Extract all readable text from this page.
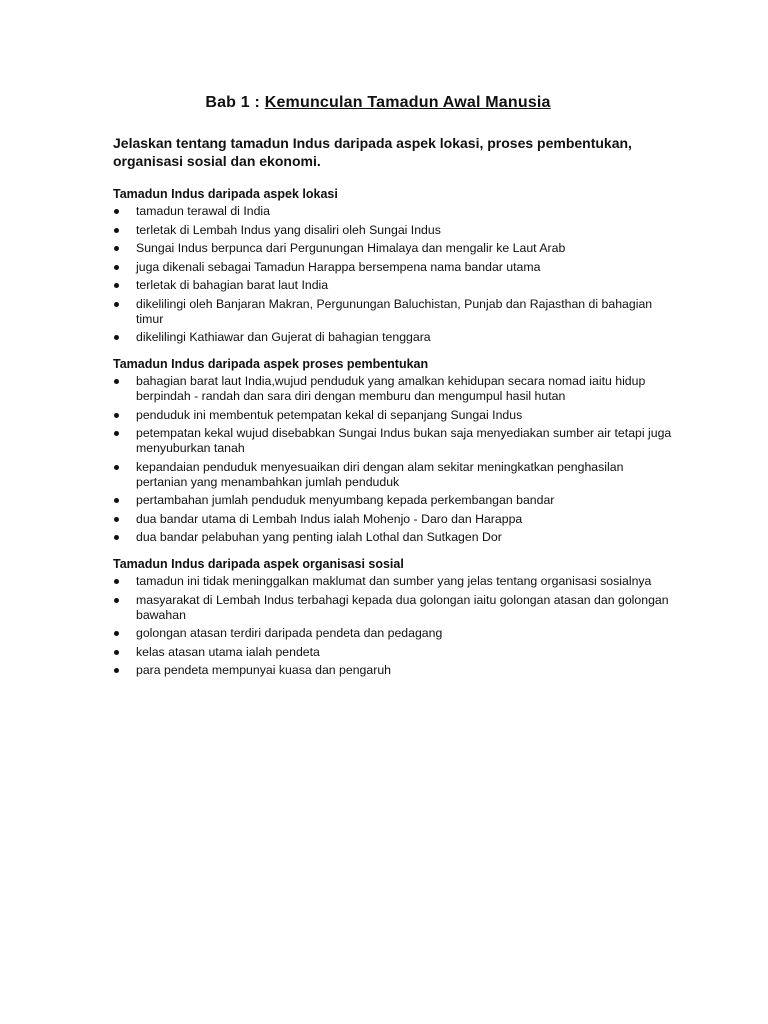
Bab 1 : Kemunculan Tamadun Awal Manusia
Jelaskan tentang tamadun Indus daripada aspek lokasi, proses pembentukan, organisasi sosial dan ekonomi.
Tamadun Indus daripada aspek lokasi
tamadun terawal di India
terletak di Lembah Indus yang disaliri oleh Sungai Indus
Sungai Indus berpunca dari Pergunungan Himalaya dan mengalir ke Laut Arab
juga dikenali sebagai Tamadun Harappa bersempena nama bandar utama
terletak di bahagian barat laut India
dikelilingi oleh Banjaran Makran, Pergunungan Baluchistan, Punjab dan Rajasthan di bahagian timur
dikelilingi Kathiawar dan Gujerat di bahagian tenggara
Tamadun Indus daripada aspek proses pembentukan
bahagian barat laut India,wujud penduduk yang amalkan kehidupan secara nomad iaitu hidup berpindah - randah dan sara diri dengan memburu dan mengumpul hasil hutan
penduduk ini membentuk petempatan kekal di sepanjang Sungai Indus
petempatan kekal wujud disebabkan Sungai Indus bukan saja menyediakan sumber air tetapi juga menyuburkan tanah
kepandaian penduduk menyesuaikan diri dengan alam sekitar meningkatkan penghasilan pertanian yang menambahkan jumlah penduduk
pertambahan jumlah penduduk menyumbang kepada perkembangan bandar
dua bandar utama di Lembah Indus ialah Mohenjo - Daro dan Harappa
dua bandar pelabuhan yang penting ialah Lothal dan Sutkagen Dor
Tamadun Indus daripada aspek organisasi sosial
tamadun ini tidak meninggalkan maklumat dan sumber yang jelas tentang organisasi sosialnya
masyarakat di Lembah Indus terbahagi kepada dua golongan iaitu golongan atasan dan golongan bawahan
golongan atasan terdiri daripada pendeta dan pedagang
kelas atasan utama ialah pendeta
para pendeta mempunyai kuasa dan pengaruh
